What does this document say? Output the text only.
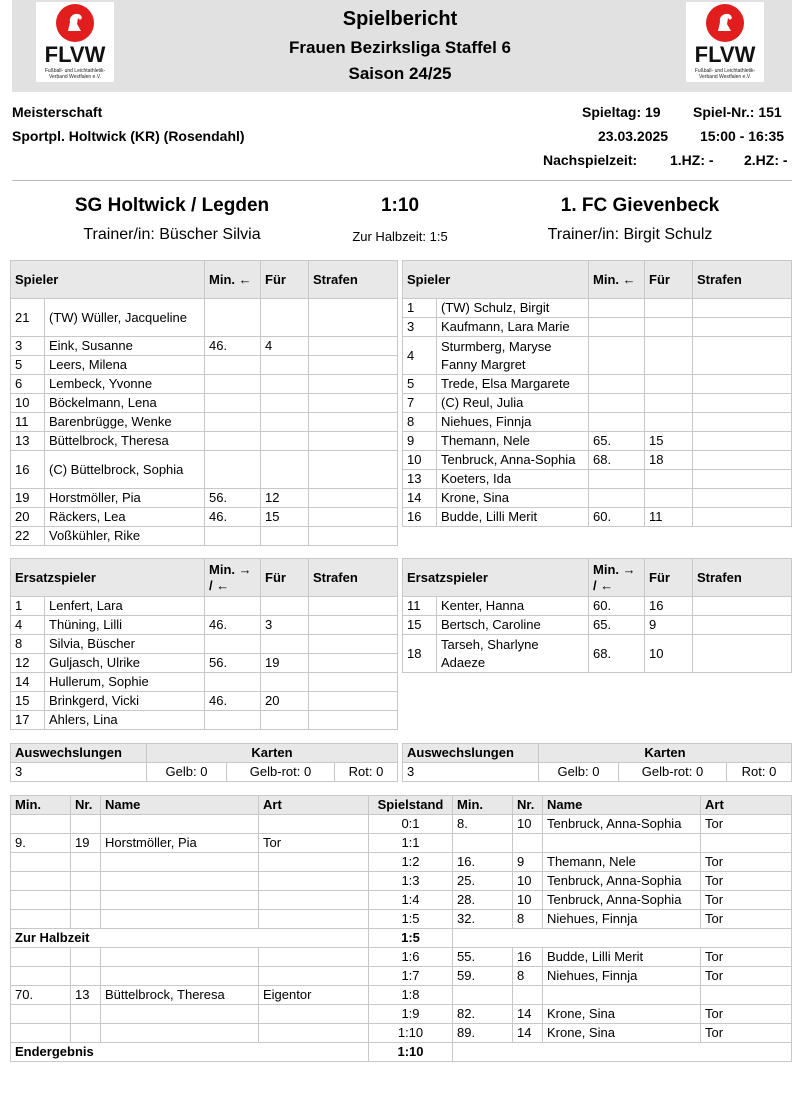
FLVW
Fußball- und Leichtathletik-Verband Westfalen e.V.
FLVW
Fußball- und Leichtathletik-Verband Westfalen e.V.
Spielbericht
Frauen Bezirksliga Staffel 6
Saison 24/25
Meisterschaft
Sportpl. Holtwick (KR) (Rosendahl)
Spieltag: 19 Spiel-Nr.: 151
23.03.2025 15:00 - 16:35
Nachspielzeit: 1.HZ: - 2.HZ: -
SG Holtwick / Legden	1:10	1. FC Gievenbeck
Trainer/in: Büscher Silvia	Zur Halbzeit: 1:5	Trainer/in: Birgit Schulz
Spieler		Min. ←	Für	Strafen
21	(TW) Wüller, Jacqueline			
3	Eink, Susanne	46.	4	
5	Leers, Milena			
6	Lembeck, Yvonne			
10	Böckelmann, Lena			
11	Barenbrügge, Wenke			
13	Büttelbrock, Theresa			
16	(C) Büttelbrock, Sophia			
19	Horstmöller, Pia	56.	12	
20	Räckers, Lea	46.	15	
22	Voßkühler, Rike			
Spieler		Min. ←	Für	Strafen
1	(TW) Schulz, Birgit			
3	Kaufmann, Lara Marie			
4	Sturmberg, Maryse Fanny Margret			
5	Trede, Elsa Margarete			
7	(C) Reul, Julia			
8	Niehues, Finnja			
9	Themann, Nele	65.	15	
10	Tenbruck, Anna-Sophia	68.	18	
13	Koeters, Ida			
14	Krone, Sina			
16	Budde, Lilli Merit	60.	11	
Ersatzspieler		Min. → / ←	Für	Strafen
1	Lenfert, Lara			
4	Thüning, Lilli	46.	3	
8	Silvia, Büscher			
12	Guljasch, Ulrike	56.	19	
14	Hullerum, Sophie			
15	Brinkgerd, Vicki	46.	20	
17	Ahlers, Lina			
Ersatzspieler		Min. → / ←	Für	Strafen
11	Kenter, Hanna	60.	16	
15	Bertsch, Caroline	65.	9	
18	Tarseh, Sharlyne Adaeze	68.	10	
Auswechslungen	Karten		
3	Gelb: 0	Gelb-rot: 0	Rot: 0
Auswechslungen	Karten		
3	Gelb: 0	Gelb-rot: 0	Rot: 0
Min.	Nr.	Name	Art	Spielstand	Min.	Nr.	Name	Art
				0:1	8.	10	Tenbruck, Anna-Sophia	Tor
9.	19	Horstmöller, Pia	Tor	1:1				
				1:2	16.	9	Themann, Nele	Tor
				1:3	25.	10	Tenbruck, Anna-Sophia	Tor
				1:4	28.	10	Tenbruck, Anna-Sophia	Tor
				1:5	32.	8	Niehues, Finnja	Tor
Zur Halbzeit				1:5				
				1:6	55.	16	Budde, Lilli Merit	Tor
				1:7	59.	8	Niehues, Finnja	Tor
70.	13	Büttelbrock, Theresa	Eigentor	1:8				
				1:9	82.	14	Krone, Sina	Tor
				1:10	89.	14	Krone, Sina	Tor
Endergebnis				1:10				
